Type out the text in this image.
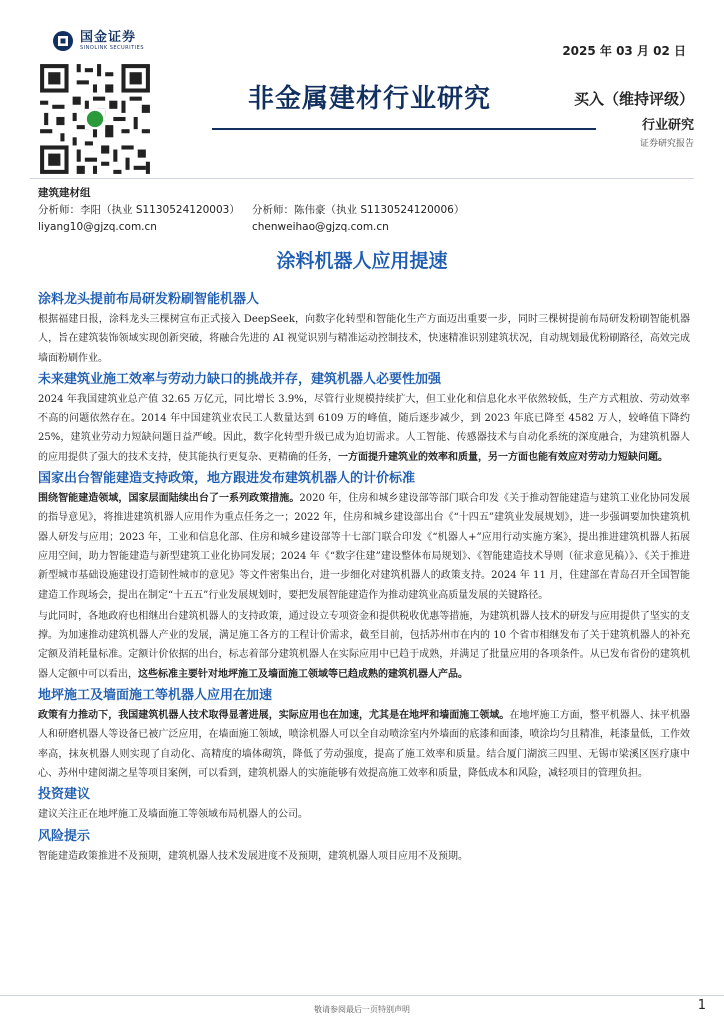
国金证券
SINOLINK SECURITIES	2025 年 03 月 02 日
非金属建材行业研究	买入（维持评级）
行业研究
证券研究报告
建筑建材组
分析师：李阳（执业 S1130524120003）	分析师：陈伟豪（执业 S1130524120006）
liyang10@gjzq.com.cn	chenweihao@gjzq.com.cn
涂料机器人应用提速
涂料龙头提前布局研发粉刷智能机器人

根据福建日报，涂料龙头三棵树宣布正式接入 DeepSeek，向数字化转型和智能化生产方面迈出重要一步，同时三棵树提前布局研发粉刷智能机器人，旨在建筑装饰领域实现创新突破，将融合先进的 AI 视觉识别与精准运动控制技术，快速精准识别建筑状况，自动规划最优粉刷路径，高效完成墙面粉刷作业。

未来建筑业施工效率与劳动力缺口的挑战并存，建筑机器人必要性加强

2024 年我国建筑业总产值 32.65 万亿元，同比增长 3.9%，尽管行业规模持续扩大，但工业化和信息化水平依然较低，生产方式粗放、劳动效率不高的问题依然存在。2014 年中国建筑业农民工人数量达到 6109 万的峰值，随后逐步减少，到 2023 年底已降至 4582 万人，较峰值下降约 25%，建筑业劳动力短缺问题日益严峻。因此，数字化转型升级已成为迫切需求。人工智能、传感器技术与自动化系统的深度融合，为建筑机器人的应用提供了强大的技术支持，使其能执行更复杂、更精确的任务，一方面提升建筑业的效率和质量，另一方面也能有效应对劳动力短缺问题。

国家出台智能建造支持政策，地方跟进发布建筑机器人的计价标准

围绕智能建造领域，国家层面陆续出台了一系列政策措施。2020 年，住房和城乡建设部等部门联合印发《关于推动智能建造与建筑工业化协同发展的指导意见》，将推进建筑机器人应用作为重点任务之一；2022 年，住房和城乡建设部出台《“十四五”建筑业发展规划》，进一步强调要加快建筑机器人研发与应用；2023 年，工业和信息化部、住房和城乡建设部等十七部门联合印发《“机器人+”应用行动实施方案》，提出推进建筑机器人拓展应用空间，助力智能建造与新型建筑工业化协同发展；2024 年《“数字住建”建设整体布局规划》、《智能建造技术导则（征求意见稿）》、《关于推进新型城市基础设施建设打造韧性城市的意见》等文件密集出台，进一步细化对建筑机器人的政策支持。2024 年 11 月，住建部在青岛召开全国智能建造工作现场会，提出在制定“十五五”行业发展规划时，要把发展智能建造作为推动建筑业高质量发展的关键路径。

与此同时，各地政府也相继出台建筑机器人的支持政策，通过设立专项资金和提供税收优惠等措施，为建筑机器人技术的研发与应用提供了坚实的支撑。为加速推动建筑机器人产业的发展，满足施工各方的工程计价需求，截至目前，包括苏州市在内的 10 个省市相继发布了关于建筑机器人的补充定额及消耗量标准。定额计价依据的出台，标志着部分建筑机器人在实际应用中已趋于成熟，并满足了批量应用的各项条件。从已发布省份的建筑机器人定额中可以看出，这些标准主要针对地坪施工及墙面施工领域等已趋成熟的建筑机器人产品。

地坪施工及墙面施工等机器人应用在加速

政策有力推动下，我国建筑机器人技术取得显著进展，实际应用也在加速，尤其是在地坪和墙面施工领域。在地坪施工方面，整平机器人、抹平机器人和研磨机器人等设备已被广泛应用，在墙面施工领域，喷涂机器人可以全自动喷涂室内外墙面的底漆和面漆，喷涂均匀且精准，耗漆量低，工作效率高，抹灰机器人则实现了自动化、高精度的墙体砌筑，降低了劳动强度，提高了施工效率和质量。结合厦门湖滨三四里、无锡市梁溪区医疗康中心、苏州中建阅湖之星等项目案例，可以看到，建筑机器人的实施能够有效提高施工效率和质量，降低成本和风险，减轻项目的管理负担。

投资建议

建议关注正在地坪施工及墙面施工等领域布局机器人的公司。

风险提示

智能建造政策推进不及预期，建筑机器人技术发展进度不及预期，建筑机器人项目应用不及预期。

敬请参阅最后一页特别声明	1
